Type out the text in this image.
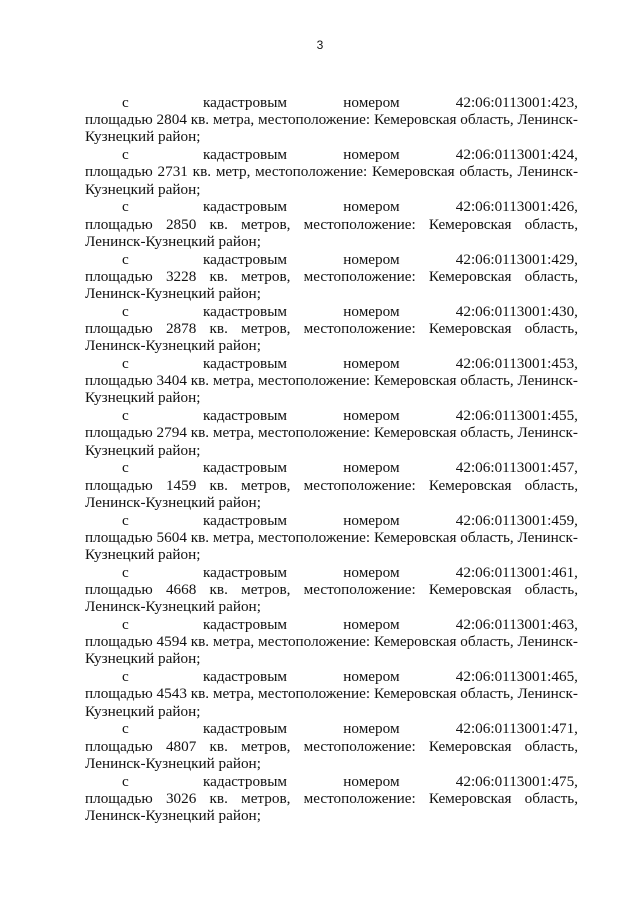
3
с	кадастровым	номером	42:06:0113001:423,
площадью 2804 кв. метра, местоположение: Кемеровская область, Ленинск-Кузнецкий район;
с	кадастровым	номером	42:06:0113001:424,
площадью 2731 кв. метр, местоположение: Кемеровская область, Ленинск-Кузнецкий район;
с	кадастровым	номером	42:06:0113001:426,
площадью 2850 кв. метров, местоположение: Кемеровская область, Ленинск-Кузнецкий район;
с	кадастровым	номером	42:06:0113001:429,
площадью 3228 кв. метров, местоположение: Кемеровская область, Ленинск-Кузнецкий район;
с	кадастровым	номером	42:06:0113001:430,
площадью 2878 кв. метров, местоположение: Кемеровская область, Ленинск-Кузнецкий район;
с	кадастровым	номером	42:06:0113001:453,
площадью 3404 кв. метра, местоположение: Кемеровская область, Ленинск-Кузнецкий район;
с	кадастровым	номером	42:06:0113001:455,
площадью 2794 кв. метра, местоположение: Кемеровская область, Ленинск-Кузнецкий район;
с	кадастровым	номером	42:06:0113001:457,
площадью 1459 кв. метров, местоположение: Кемеровская область, Ленинск-Кузнецкий район;
с	кадастровым	номером	42:06:0113001:459,
площадью 5604 кв. метра, местоположение: Кемеровская область, Ленинск-Кузнецкий район;
с	кадастровым	номером	42:06:0113001:461,
площадью 4668 кв. метров, местоположение: Кемеровская область, Ленинск-Кузнецкий район;
с	кадастровым	номером	42:06:0113001:463,
площадью 4594 кв. метра, местоположение: Кемеровская область, Ленинск-Кузнецкий район;
с	кадастровым	номером	42:06:0113001:465,
площадью 4543 кв. метра, местоположение: Кемеровская область, Ленинск-Кузнецкий район;
с	кадастровым	номером	42:06:0113001:471,
площадью 4807 кв. метров, местоположение: Кемеровская область, Ленинск-Кузнецкий район;
с	кадастровым	номером	42:06:0113001:475,
площадью 3026 кв. метров, местоположение: Кемеровская область, Ленинск-Кузнецкий район;
